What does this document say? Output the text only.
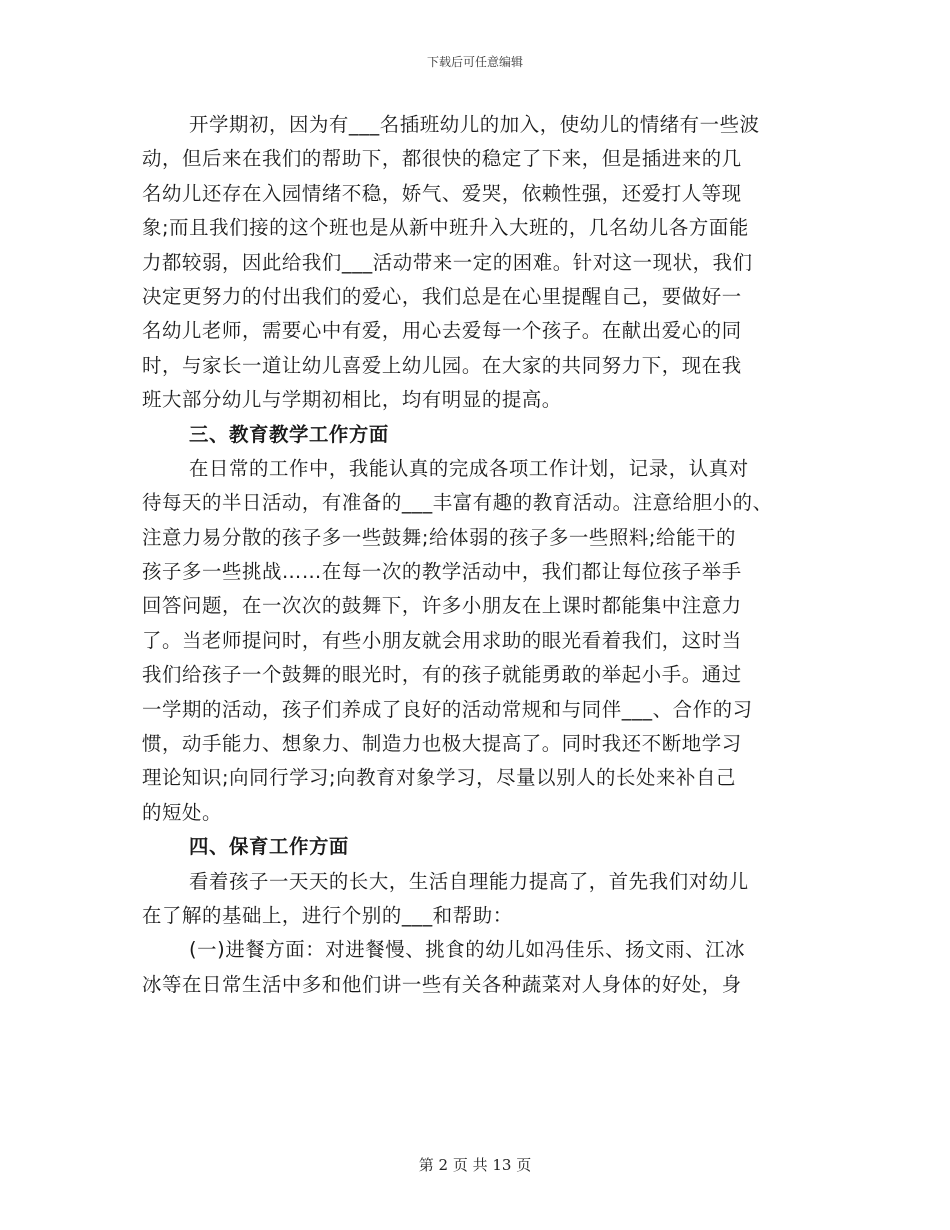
下载后可任意编辑
开学期初，因为有___名插班幼儿的加入，使幼儿的情绪有一些波
动，但后来在我们的帮助下，都很快的稳定了下来，但是插进来的几
名幼儿还存在入园情绪不稳，娇气、爱哭，依赖性强，还爱打人等现
象;而且我们接的这个班也是从新中班升入大班的，几名幼儿各方面能
力都较弱，因此给我们___活动带来一定的困难。针对这一现状，我们
决定更努力的付出我们的爱心，我们总是在心里提醒自己，要做好一
名幼儿老师，需要心中有爱，用心去爱每一个孩子。在献出爱心的同
时，与家长一道让幼儿喜爱上幼儿园。在大家的共同努力下，现在我
班大部分幼儿与学期初相比，均有明显的提高。
三、教育教学工作方面
在日常的工作中，我能认真的完成各项工作计划，记录，认真对
待每天的半日活动，有准备的___丰富有趣的教育活动。注意给胆小的、
注意力易分散的孩子多一些鼓舞;给体弱的孩子多一些照料;给能干的
孩子多一些挑战……在每一次的教学活动中，我们都让每位孩子举手
回答问题，在一次次的鼓舞下，许多小朋友在上课时都能集中注意力
了。当老师提问时，有些小朋友就会用求助的眼光看着我们，这时当
我们给孩子一个鼓舞的眼光时，有的孩子就能勇敢的举起小手。通过
一学期的活动，孩子们养成了良好的活动常规和与同伴___、合作的习
惯，动手能力、想象力、制造力也极大提高了。同时我还不断地学习
理论知识;向同行学习;向教育对象学习，尽量以别人的长处来补自己
的短处。
四、保育工作方面
看着孩子一天天的长大，生活自理能力提高了，首先我们对幼儿
在了解的基础上，进行个别的___和帮助：
(一)进餐方面：对进餐慢、挑食的幼儿如冯佳乐、扬文雨、江冰
冰等在日常生活中多和他们讲一些有关各种蔬菜对人身体的好处，身
第 2 页 共 13 页
